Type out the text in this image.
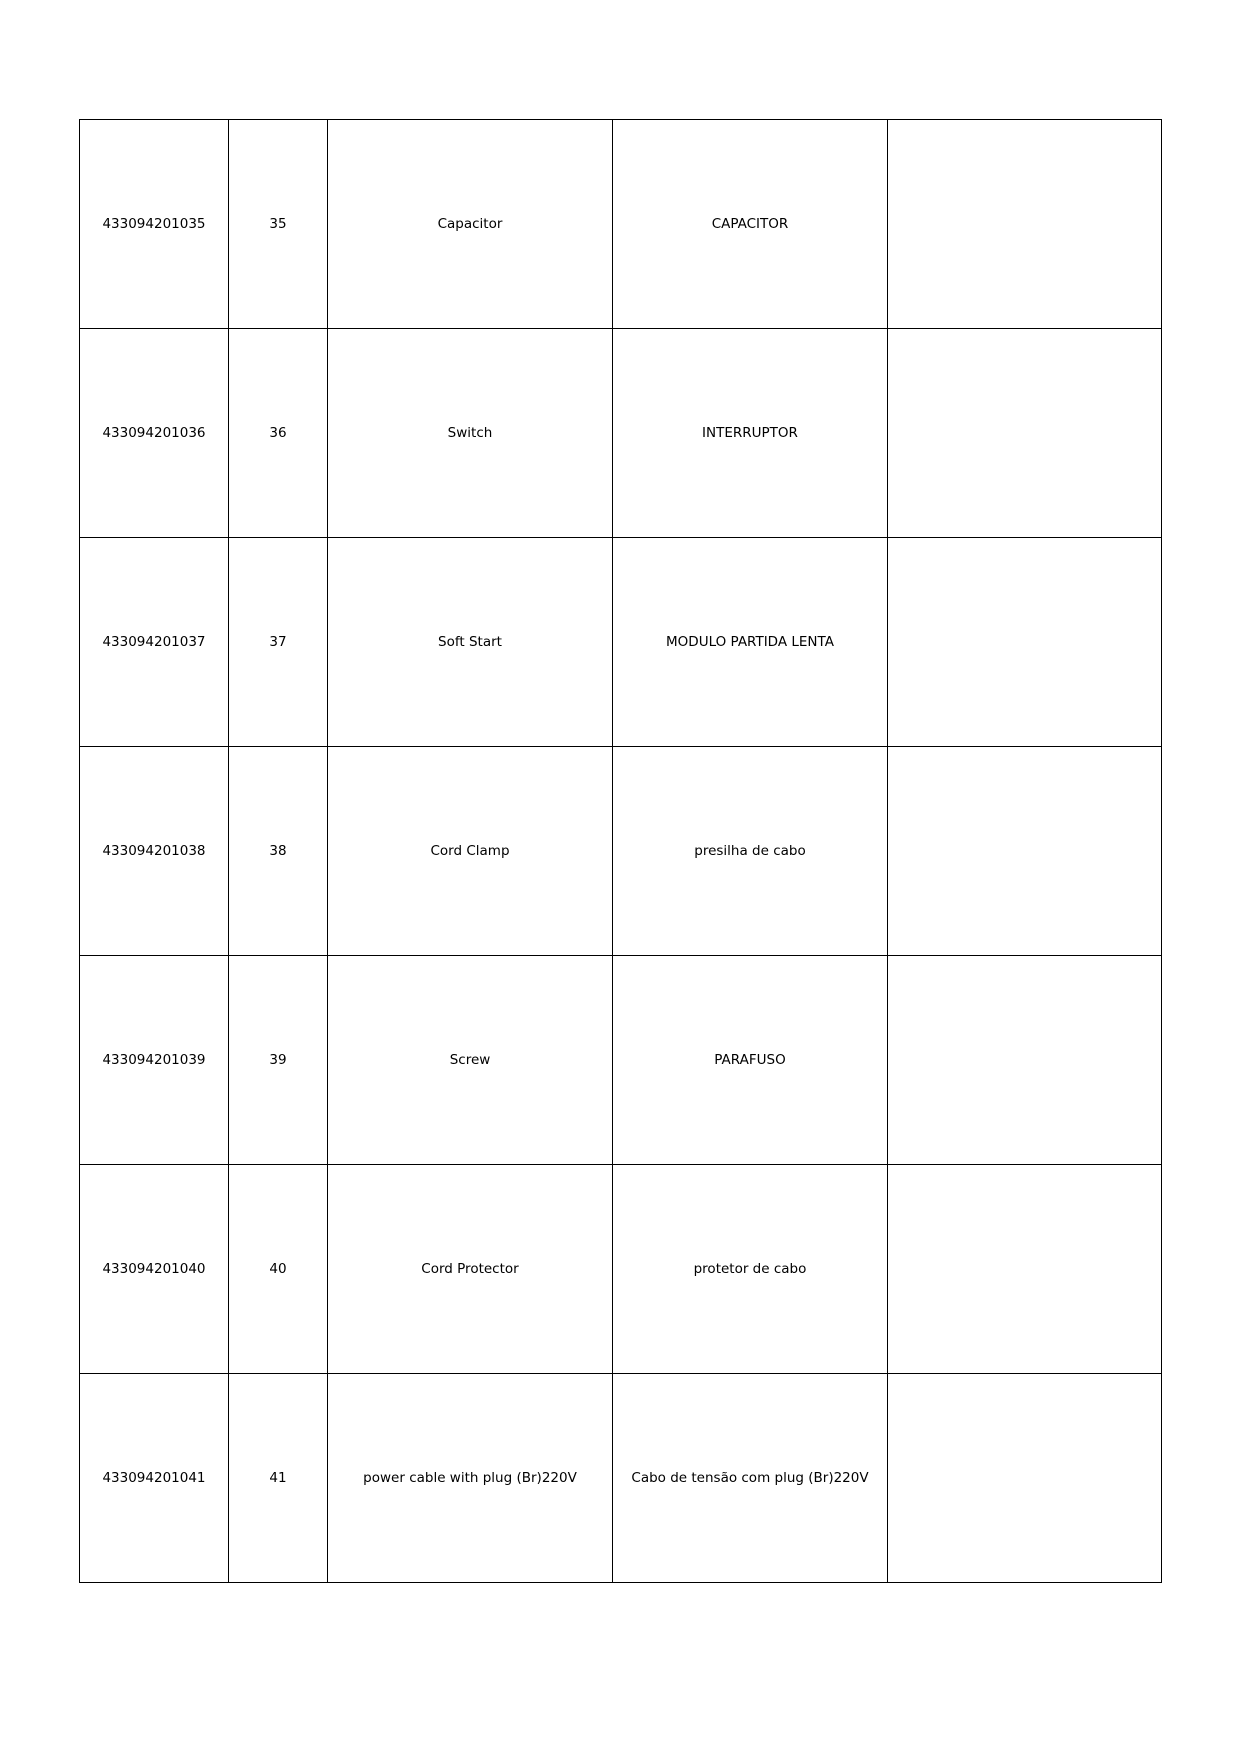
433094201035	35	Capacitor	CAPACITOR	
433094201036	36	Switch	INTERRUPTOR	
433094201037	37	Soft Start	MODULO PARTIDA LENTA	
433094201038	38	Cord Clamp	presilha de cabo	
433094201039	39	Screw	PARAFUSO	
433094201040	40	Cord Protector	protetor de cabo	
433094201041	41	power cable with plug (Br)220V	Cabo de tensão com plug (Br)220V	
